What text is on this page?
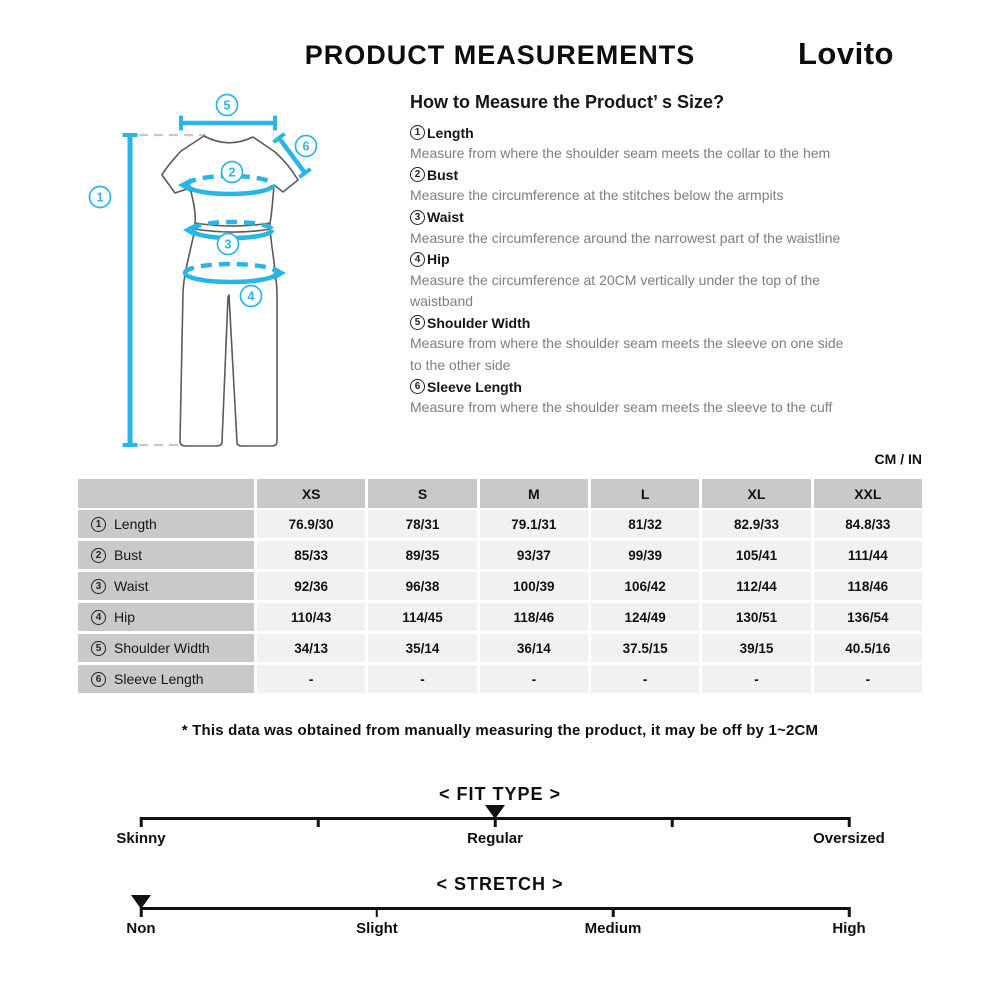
PRODUCT MEASUREMENTS	Lovito
1
2
3
4
5
6
How to Measure the Product’ s Size?
1 Length
Measure from where the shoulder seam meets the collar to the hem
2 Bust
Measure the circumference at the stitches below the armpits
3 Waist
Measure the circumference around the narrowest part of the waistline
4 Hip
Measure the circumference at 20CM vertically under the top of the
waistband
5 Shoulder Width
Measure from where the shoulder seam meets the sleeve on one side
to the other side
6 Sleeve Length
Measure from where the shoulder seam meets the sleeve to the cuff
CM / IN
XS	S	M	L	XL	XXL
1 Length	76.9/30	78/31	79.1/31	81/32	82.9/33	84.8/33
2 Bust	85/33	89/35	93/37	99/39	105/41	111/44
3 Waist	92/36	96/38	100/39	106/42	112/44	118/46
4 Hip	110/43	114/45	118/46	124/49	130/51	136/54
5 Shoulder Width	34/13	35/14	36/14	37.5/15	39/15	40.5/16
6 Sleeve Length	-	-	-	-	-	-
* This data was obtained from manually measuring the product, it may be off by 1~2CM
< FIT TYPE >
Skinny	Regular	Oversized
< STRETCH >
Non	Slight	Medium	High
